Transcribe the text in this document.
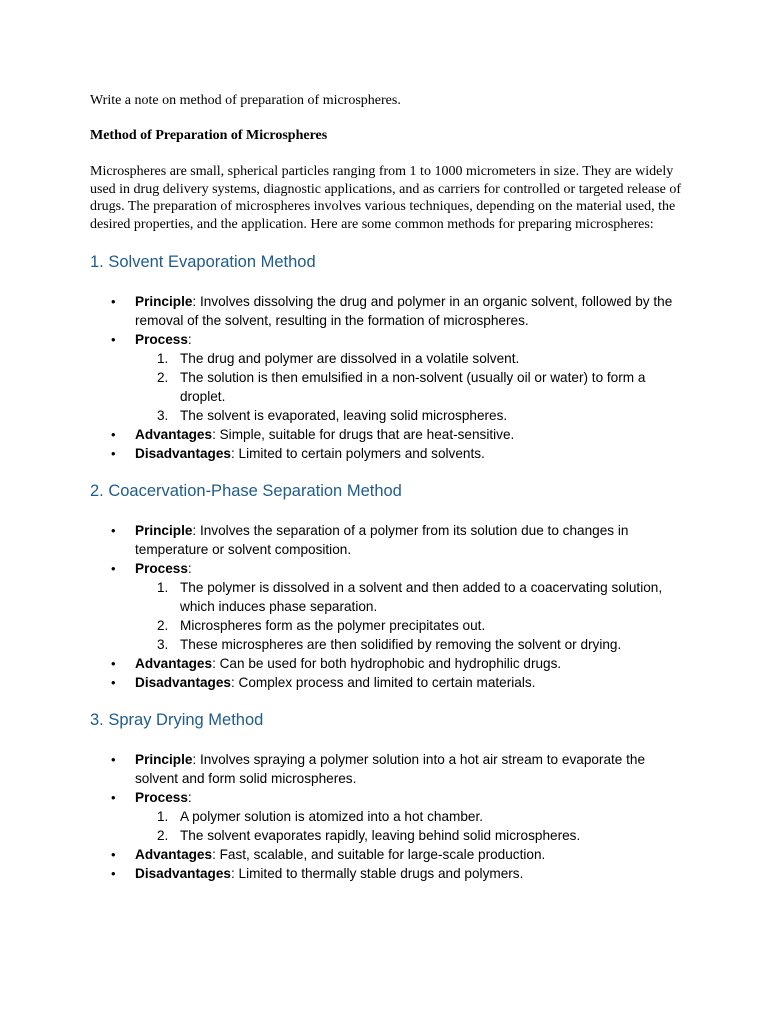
Write a note on method of preparation of microspheres.

Method of Preparation of Microspheres

Microspheres are small, spherical particles ranging from 1 to 1000 micrometers in size. They are widely used in drug delivery systems, diagnostic applications, and as carriers for controlled or targeted release of drugs. The preparation of microspheres involves various techniques, depending on the material used, the desired properties, and the application. Here are some common methods for preparing microspheres:

1. Solvent Evaporation Method
• Principle: Involves dissolving the drug and polymer in an organic solvent, followed by the removal of the solvent, resulting in the formation of microspheres.
• Process:
1. The drug and polymer are dissolved in a volatile solvent.
2. The solution is then emulsified in a non-solvent (usually oil or water) to form a droplet.
3. The solvent is evaporated, leaving solid microspheres.
• Advantages: Simple, suitable for drugs that are heat-sensitive.
• Disadvantages: Limited to certain polymers and solvents.
2. Coacervation-Phase Separation Method
• Principle: Involves the separation of a polymer from its solution due to changes in temperature or solvent composition.
• Process:
1. The polymer is dissolved in a solvent and then added to a coacervating solution, which induces phase separation.
2. Microspheres form as the polymer precipitates out.
3. These microspheres are then solidified by removing the solvent or drying.
• Advantages: Can be used for both hydrophobic and hydrophilic drugs.
• Disadvantages: Complex process and limited to certain materials.
3. Spray Drying Method
• Principle: Involves spraying a polymer solution into a hot air stream to evaporate the solvent and form solid microspheres.
• Process:
1. A polymer solution is atomized into a hot chamber.
2. The solvent evaporates rapidly, leaving behind solid microspheres.
• Advantages: Fast, scalable, and suitable for large-scale production.
• Disadvantages: Limited to thermally stable drugs and polymers.
